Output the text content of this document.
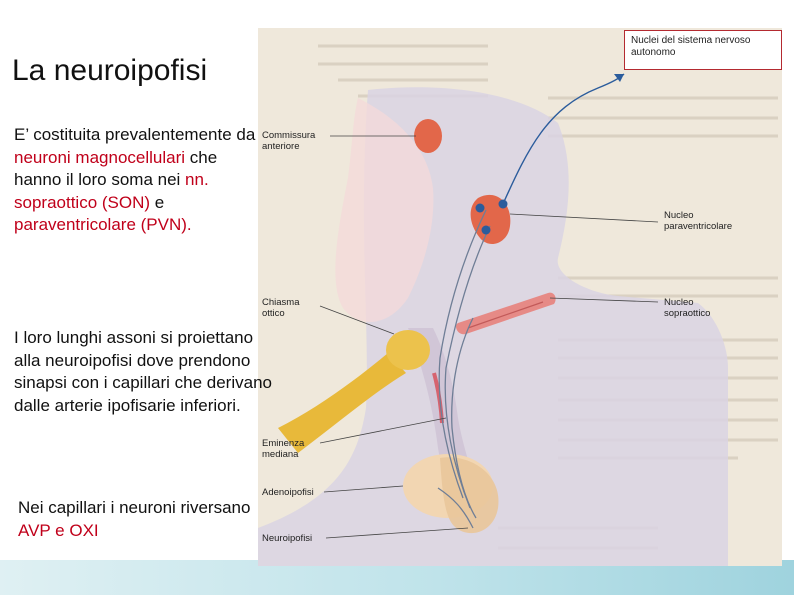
Nuclei del sistema nervoso autonomo
Commissura anteriore
Nucleo paraventricolare
Chiasma ottico
Nucleo sopraottico
Eminenza mediana
Adenoipofisi
Neuroipofisi
La neuroipofisi
E’ costituita prevalentemente da neuroni magnocellulari che hanno il loro soma nei nn. sopraottico (SON) e paraventricolare (PVN).
I loro lunghi assoni si proiettano alla neuroipofisi dove prendono sinapsi con i capillari che derivano dalle arterie ipofisarie inferiori.
Nei capillari i neuroni riversano AVP e OXI
